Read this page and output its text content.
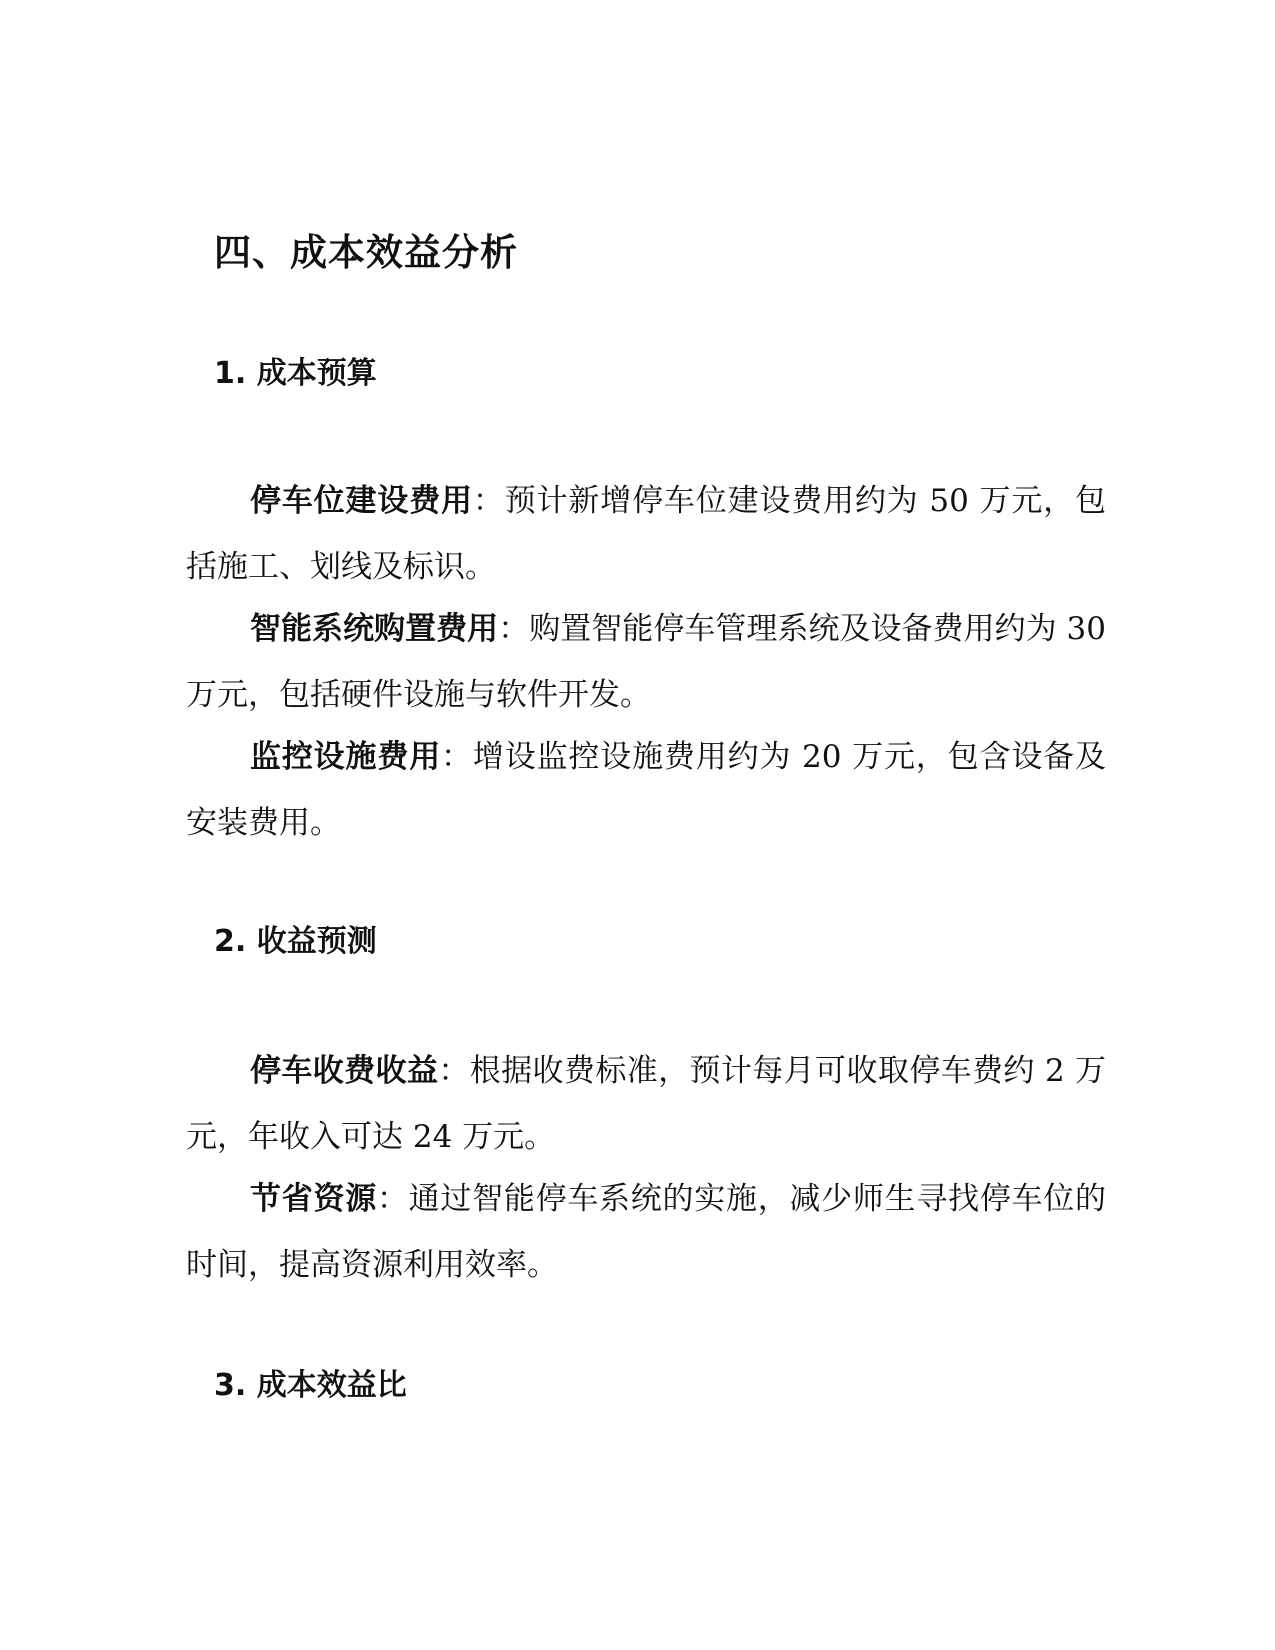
四、成本效益分析
1. 成本预算

停车位建设费用：预计新增停车位建设费用约为 50 万元，包括施工、划线及标识。

智能系统购置费用：购置智能停车管理系统及设备费用约为 30 万元，包括硬件设施与软件开发。

监控设施费用：增设监控设施费用约为 20 万元，包含设备及安装费用。

2. 收益预测

停车收费收益：根据收费标准，预计每月可收取停车费约 2 万元，年收入可达 24 万元。

节省资源：通过智能停车系统的实施，减少师生寻找停车位的时间，提高资源利用效率。

3. 成本效益比
